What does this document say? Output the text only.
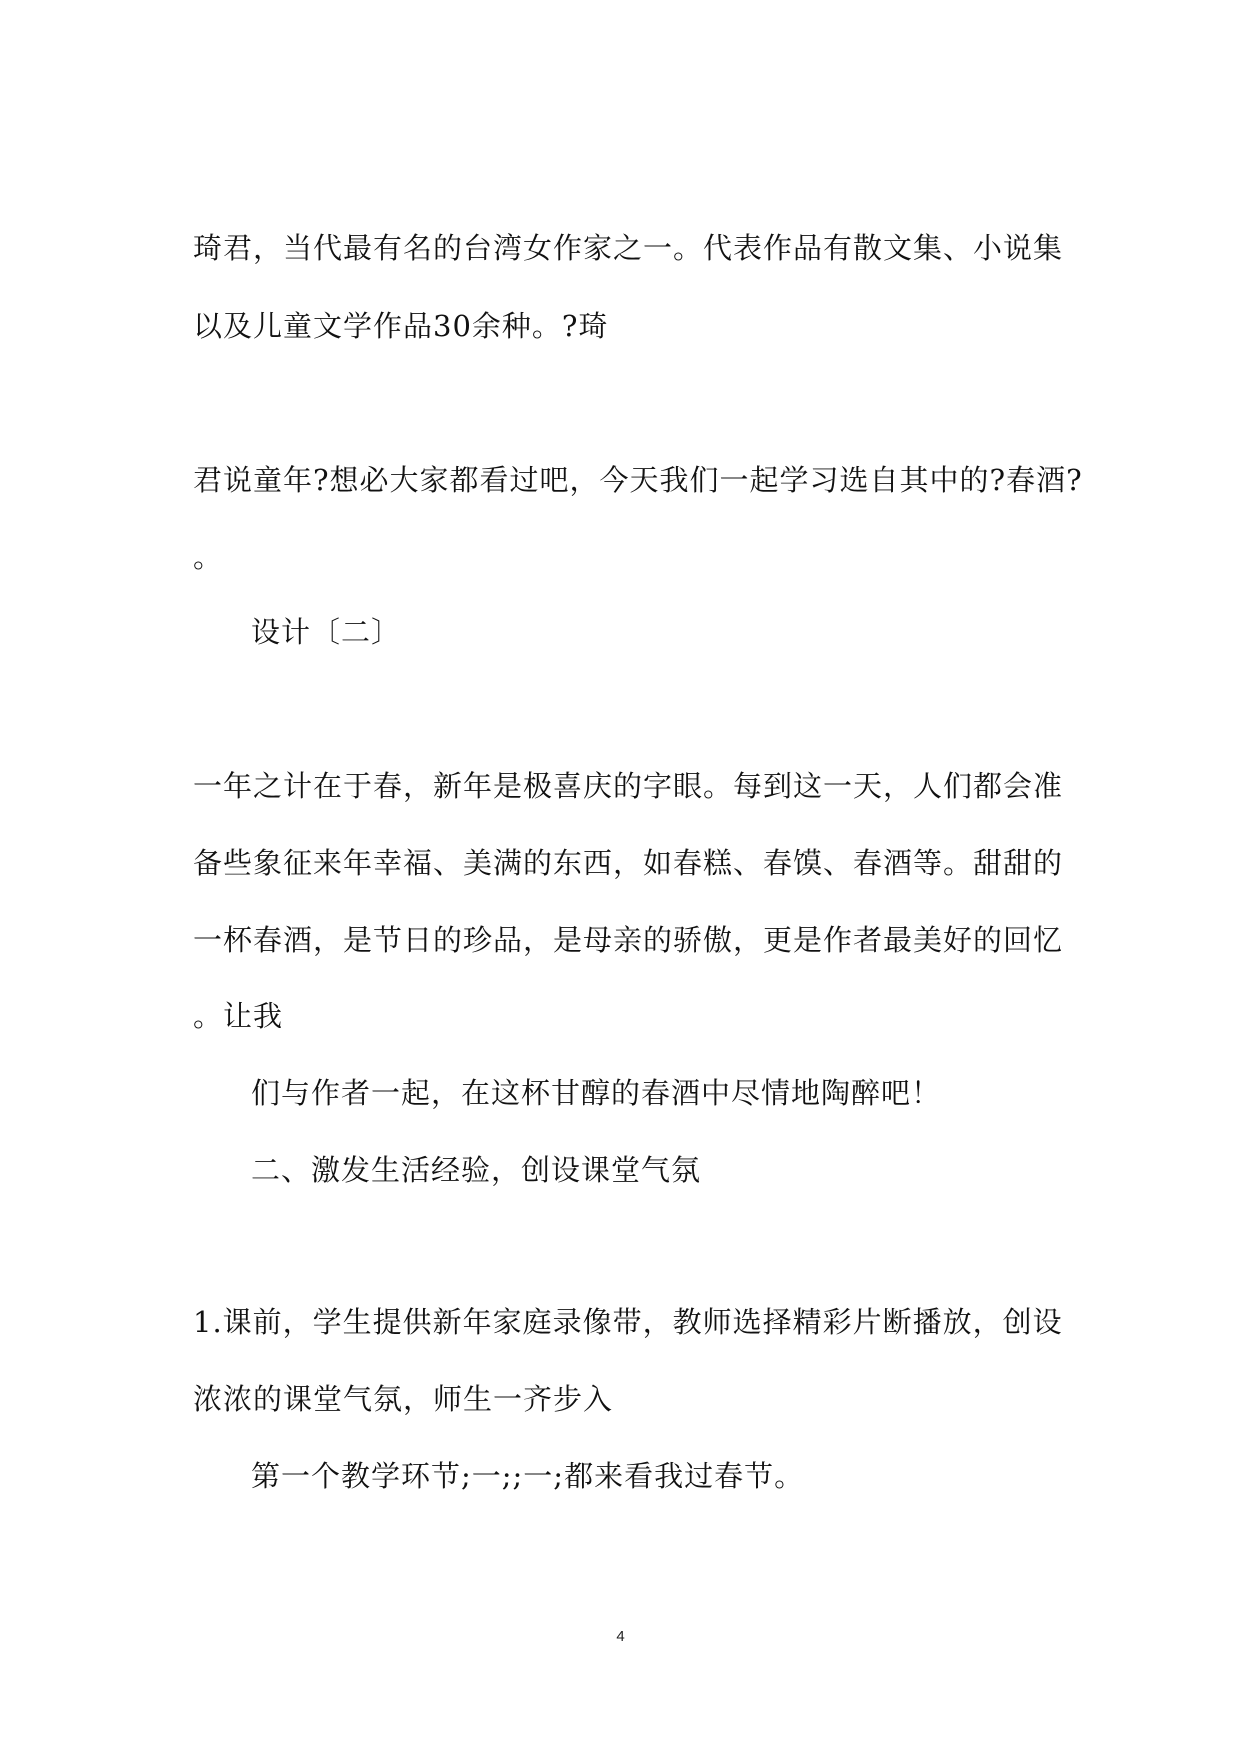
琦君，当代最有名的台湾女作家之一。代表作品有散文集、小说集
以及儿童文学作品30余种。?琦
君说童年?想必大家都看过吧，今天我们一起学习选自其中的?春酒?
。
设计〔二〕
一年之计在于春，新年是极喜庆的字眼。每到这一天，人们都会准
备些象征来年幸福、美满的东西，如春糕、春馍、春酒等。甜甜的
一杯春酒，是节日的珍品，是母亲的骄傲，更是作者最美好的回忆
。让我
们与作者一起，在这杯甘醇的春酒中尽情地陶醉吧！
二、激发生活经验，创设课堂气氛
1.课前，学生提供新年家庭录像带，教师选择精彩片断播放，创设
浓浓的课堂气氛，师生一齐步入
第一个教学环节;一;;一;都来看我过春节。
4
